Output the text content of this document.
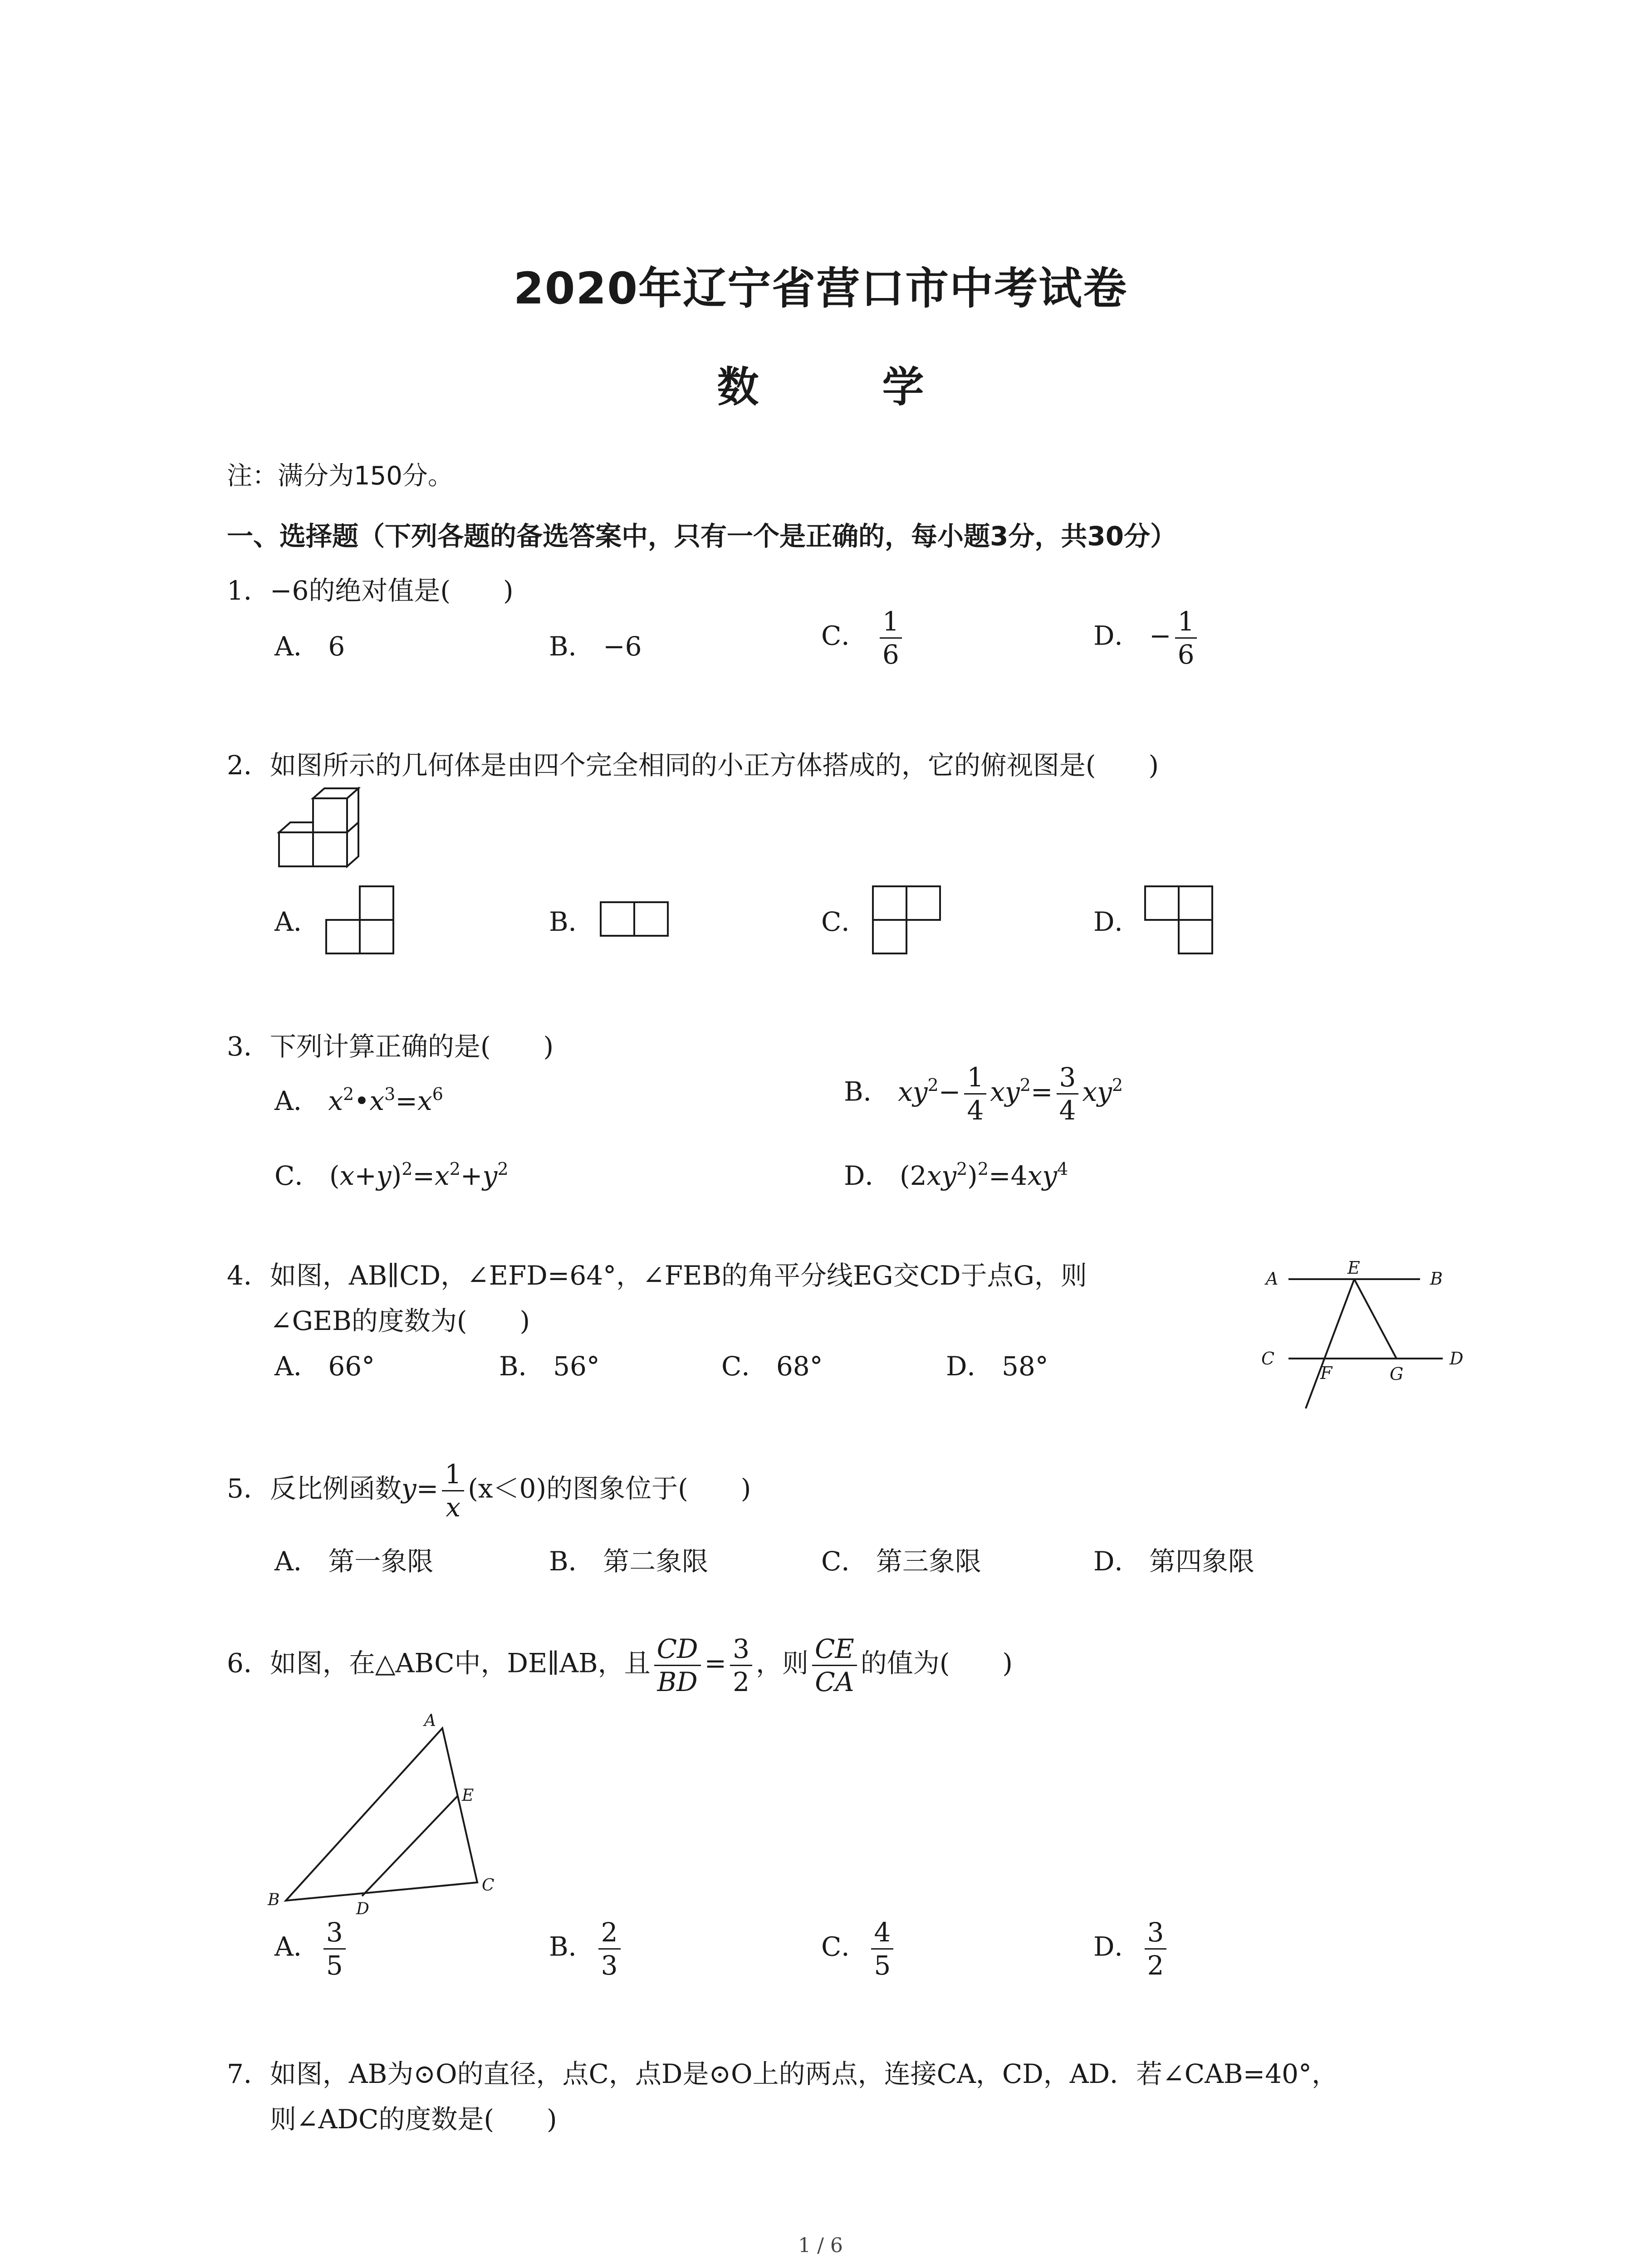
2020年辽宁省营口市中考试卷
数 学
注：满分为150分。
一、选择题（下列各题的备选答案中，只有一个是正确的，每小题3分，共30分）
1．−6的绝对值是(　　)
A． 6	B． −6	C． $\frac{1}{6}$	D． − $\frac{1}{6}$
2．如图所示的几何体是由四个完全相同的小正方体搭成的，它的俯视图是(　　)
A．	B．	C．	D．
3．下列计算正确的是(　　)
A． $x^2•x^3=x^6$	B． $xy^2- \frac{1}{4} xy^2= \frac{3}{4} xy^2$
C． $(x+y)^2=x^2+y^2$	D． $(2xy^2)^2=4xy^4$
4．如图，AB∥CD，∠EFD=64°，∠FEB的角平分线EG交CD于点G，则
∠GEB的度数为(　　)
A． 66°	B． 56°	C． 68°	D． 58°
A	B
E
C	D
F	G
5．反比例函数$y= \frac{1}{x} (x<0)$的图象位于(　　)
A． 第一象限	B． 第二象限	C． 第三象限	D． 第四象限
6．如图，在△ABC中，DE∥AB，且 $\frac{CD}{BD} = \frac{3}{2}$ ，则 $\frac{CE}{CA}$ 的值为(　　)
A
B
C
D
E
A． $\frac{3}{5}$	B． $\frac{2}{3}$	C． $\frac{4}{5}$	D． $\frac{3}{2}$
7．如图，AB为⊙O的直径，点C，点D是⊙O上的两点，连接CA，CD，AD．若∠CAB=40°，
则∠ADC的度数是(　　)
1 / 6
